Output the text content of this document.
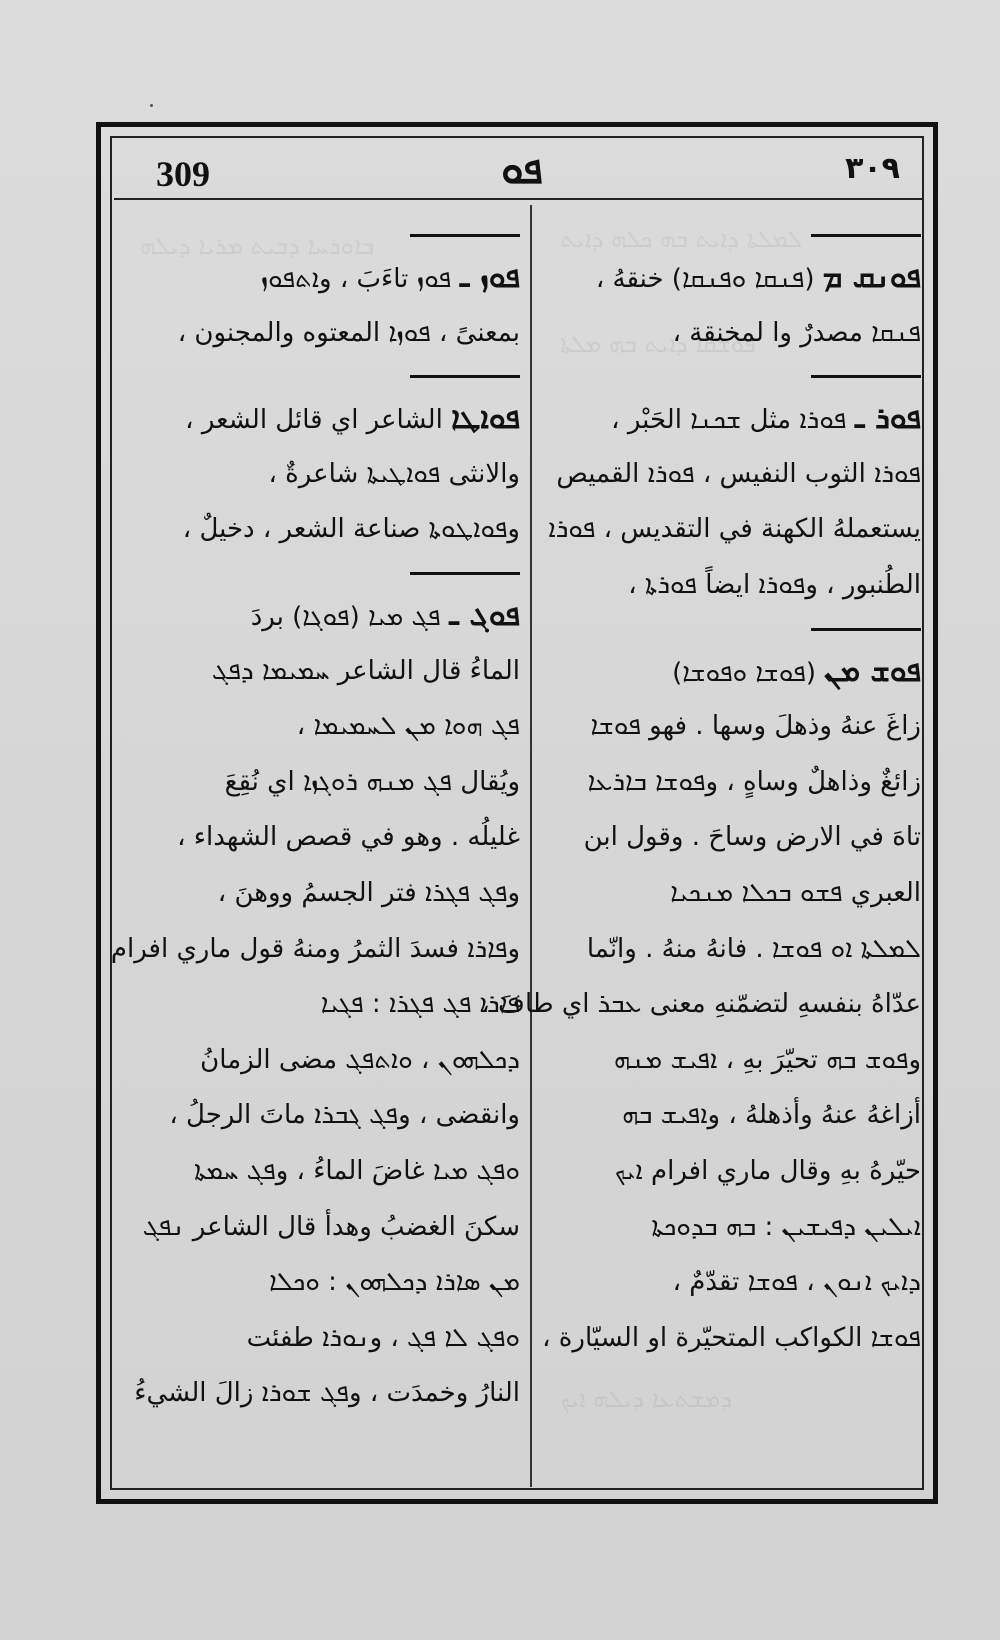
ܠܡܠܬܐ ܕܐܝܬ ܒܗ ܟܠܗ ܕܐܝܬ
ܒܐܘܪܚܐ ܕܒܝܬ ܡܪܝܐ ܕܝܠܗ
ܦܘܫܩܐ ܕܐܝܬ ܒܗ ܡܠܬܐ
ܕܡܫܬܥܐ ܕܝܠܗ ܐܝܟ
309	ܦܘ	٣٠٩
ܦܘܢܩ ܡ (ܦܢܩܐ ܘܦܢܩܐ) خنقهُ ،
ܦܢܩܐ مصدرٌ وا لمخنقة ،
ܦܘܪ ـ ܦܘܪܐ مثل ܫܟܢܐ الحَبْر ،
ܦܘܪܐ الثوب النفيس ، ܦܘܪܐ القميص
يستعملهُ الكهنة في التقديس ، ܦܘܪܐ
الطُنبور ، وܦܘܪܐ ايضاً ܦܘܪܬܐ ،
ܦܘܫ ܡܢ (ܦܘܫܐ ܘܦܘܫܐ)
زاغَ عنهُ وذهلَ وسها . فهو ܦܘܫܐ
زائغٌ وذاهلٌ وساهٍ ، وܦܘܫܐ ܒܐܪܥܐ
تاهَ في الارض وساحَ . وقول ابن
العبري ܦܫܘ ܒܟܠܐ ܡܢܟܝܐ
ܠܡܠܬܐ ܐܘ ܦܘܫܐ . فانهُ منهُ . وانّما
عدّاهُ بنفسهِ لتضمّنهِ معنى ܥܒܪ اي طافَ ،
وܦܘܫ ܒܗ تحيّرَ بهِ ، ܐܦܝܫ ܡܢܗ
أزاغهُ عنهُ وأذهلهُ ، وܐܦܝܫ ܒܗ
حيّرهُ بهِ وقال ماري افرام ܐܝܟ
ܐܝܠܝܢ ܕܦܝܫܝܢ : ܒܗ ܒܕܘܟܬܐ
ܕܐܝܟ ܐܢܘܢ ، ܦܘܫܐ تقدّمٌ ،
ܦܘܫܐ الكواكب المتحيّرة او السيّارة ،
ܦܘܙ ـ ܦܘܙ تاءَبَ ، وܐܬܦܘܙ
بمعنىً ، ܦܘܙܐ المعتوه والمجنون ،
ܦܘܐܛܐ الشاعر اي قائل الشعر ،
والانثى ܦܘܐܛܝܬܐ شاعرةٌ ،
وܦܘܐܛܘܬܐ صناعة الشعر ، دخيلٌ ،
ܦܘܓ ـ ܦܓ ܡܝܐ (ܦܘܓܐ) بردَ
الماءُ قال الشاعر ܚܡܝܡܐ ܕܦܓ
ܦܓ ܗܘܐ ܡܢ ܠܚܡܝܡܐ ،
ويُقال ܦܓ ܡܢܗ ܪܘܓܙܐ اي نُقِعَ
غليلُه . وهو في قصص الشهداء ،
وܦܓ ܦܓܪܐ فتر الجسمُ ووهنَ ،
وܦܐܪܐ فسدَ الثمرُ ومنهُ قول ماري افرام
ܦܐܪܐ ܦܓ ܦܓܪܐ : ܦܓܝܐ
ܕܟܠܗܘܢ ، ܘܐܬܦܓ مضى الزمانُ
وانقضى ، وܦܓ ܓܒܪܐ ماتَ الرجلُ ،
ܘܦܓ ܡܝܐ غاضَ الماءُ ، وܦܓ ܚܡܬܐ
سكنَ الغضبُ وهدأ قال الشاعر ܢܦܓ
ܡܢ ܣܐܪܐ ܕܟܠܗܘܢ : ܘܟܠܐ
ܘܦܓ ܠܐ ܦܓ ، وܢܘܪܐ طفئت
النارُ وخمدَت ، وܦܓ ܫܘܪܐ زالَ الشيءُ
